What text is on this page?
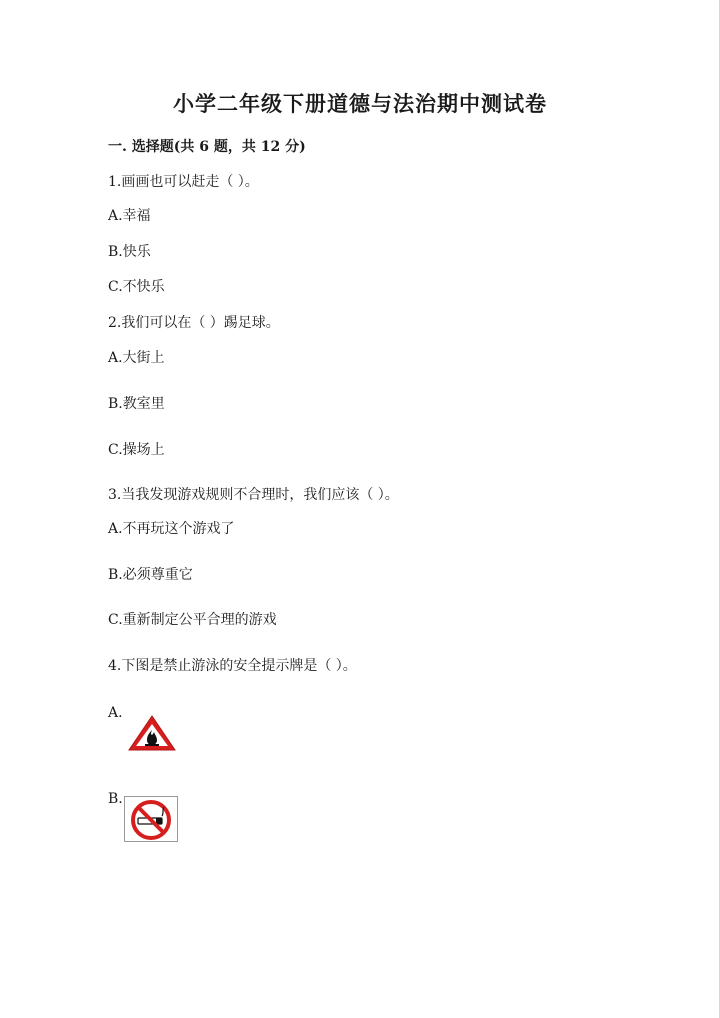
小学二年级下册道德与法治期中测试卷
一. 选择题(共 6 题，共 12 分)
1.画画也可以赶走（ ）。
A.幸福
B.快乐
C.不快乐
2.我们可以在（ ）踢足球。
A.大街上
B.教室里
C.操场上
3.当我发现游戏规则不合理时，我们应该（ ）。
A.不再玩这个游戏了
B.必须尊重它
C.重新制定公平合理的游戏
4.下图是禁止游泳的安全提示牌是（ ）。
A.
B.
